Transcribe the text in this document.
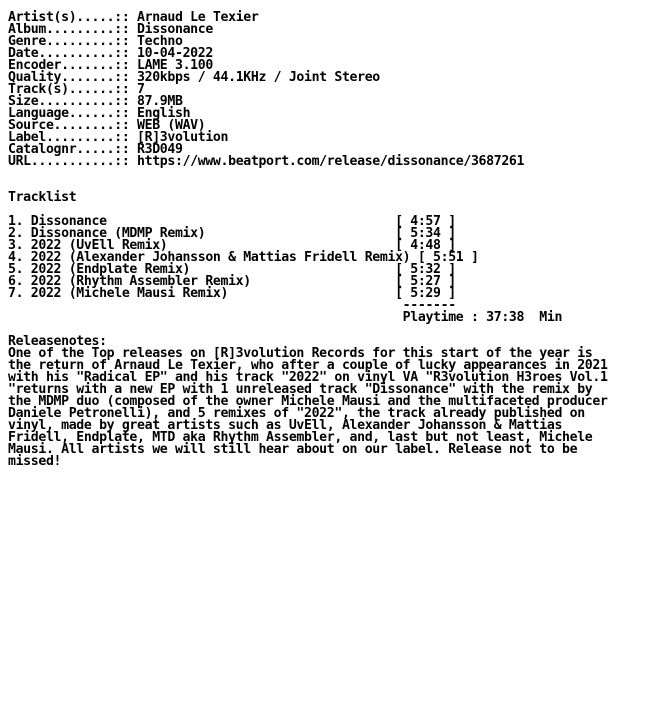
Artist(s).....:: Arnaud Le Texier
Album.........:: Dissonance
Genre.........:: Techno
Date..........:: 10-04-2022
Encoder.......:: LAME 3.100
Quality.......:: 320kbps / 44.1KHz / Joint Stereo
Track(s)......:: 7
Size..........:: 87.9MB
Language......:: English
Source........:: WEB (WAV)
Label.........:: [R]3volution
Catalognr.....:: R3D049
URL...........:: https://www.beatport.com/release/dissonance/3687261
Tracklist
1. Dissonance                                      [ 4:57 ]
2. Dissonance (MDMP Remix)                         [ 5:34 ]
3. 2022 (UvEll Remix)                              [ 4:48 ]
4. 2022 (Alexander Johansson & Mattias Fridell Remix) [ 5:51 ]
5. 2022 (Endplate Remix)                           [ 5:32 ]
6. 2022 (Rhythm Assembler Remix)                   [ 5:27 ]
7. 2022 (Michele Mausi Remix)                      [ 5:29 ]
-------
Playtime : 37:38  Min
Releasenotes:
One of the Top releases on [R]3volution Records for this start of the year is
the return of Arnaud Le Texier, who after a couple of lucky appearances in 2021
with his "Radical EP" and his track "2022" on vinyl VA "R3volution H3roes Vol.1
"returns with a new EP with 1 unreleased track "Dissonance" with the remix by
the MDMP duo (composed of the owner Michele Mausi and the multifaceted producer
Daniele Petronelli), and 5 remixes of "2022", the track already published on
vinyl, made by great artists such as UvEll, Alexander Johansson & Mattias
Fridell, Endplate, MTD aka Rhythm Assembler, and, last but not least, Michele
Mausi. All artists we will still hear about on our label. Release not to be
missed!
